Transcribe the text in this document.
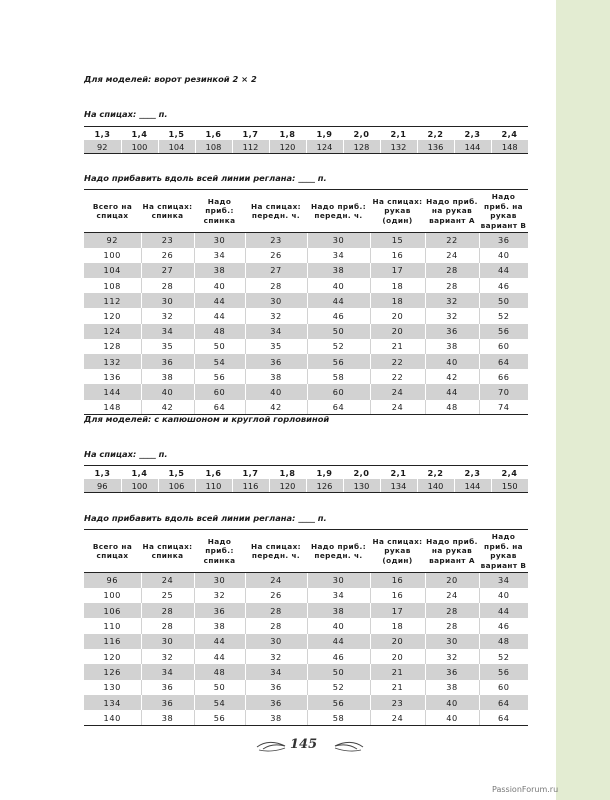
Для моделей: ворот резинкой 2 × 2
На спицах: ____ п.
1,3	1,4	1,5	1,6	1,7	1,8	1,9	2,0	2,1	2,2	2,3	2,4
92	100	104	108	112	120	124	128	132	136	144	148

Надо прибавить вдоль всей линии реглана: ____ п.
Всего на спицах	На спицах: спинка	Надо приб.: спинка	На спицах: передн. ч.	Надо приб.: передн. ч.	На спицах: рукав (один)	Надо приб. на рукав вариант А	Надо приб. на рукав вариант В
92	23	30	23	30	15	22	36
100	26	34	26	34	16	24	40
104	27	38	27	38	17	28	44
108	28	40	28	40	18	28	46
112	30	44	30	44	18	32	50
120	32	44	32	46	20	32	52
124	34	48	34	50	20	36	56
128	35	50	35	52	21	38	60
132	36	54	36	56	22	40	64
136	38	56	38	58	22	42	66
144	40	60	40	60	24	44	70
148	42	64	42	64	24	48	74
Для моделей: с капюшоном и круглой горловиной
На спицах: ____ п.
1,3	1,4	1,5	1,6	1,7	1,8	1,9	2,0	2,1	2,2	2,3	2,4
96	100	106	110	116	120	126	130	134	140	144	150

Надо прибавить вдоль всей линии реглана: ____ п.
Всего на спицах	На спицах: спинка	Надо приб.: спинка	На спицах: передн. ч.	Надо приб.: передн. ч.	На спицах: рукав (один)	Надо приб. на рукав вариант А	Надо приб. на рукав вариант В
96	24	30	24	30	16	20	34
100	25	32	26	34	16	24	40
106	28	36	28	38	17	28	44
110	28	38	28	40	18	28	46
116	30	44	30	44	20	30	48
120	32	44	32	46	20	32	52
126	34	48	34	50	21	36	56
130	36	50	36	52	21	38	60
134	36	54	36	56	23	40	64
140	38	56	38	58	24	40	64
145
PassionForum.ru
